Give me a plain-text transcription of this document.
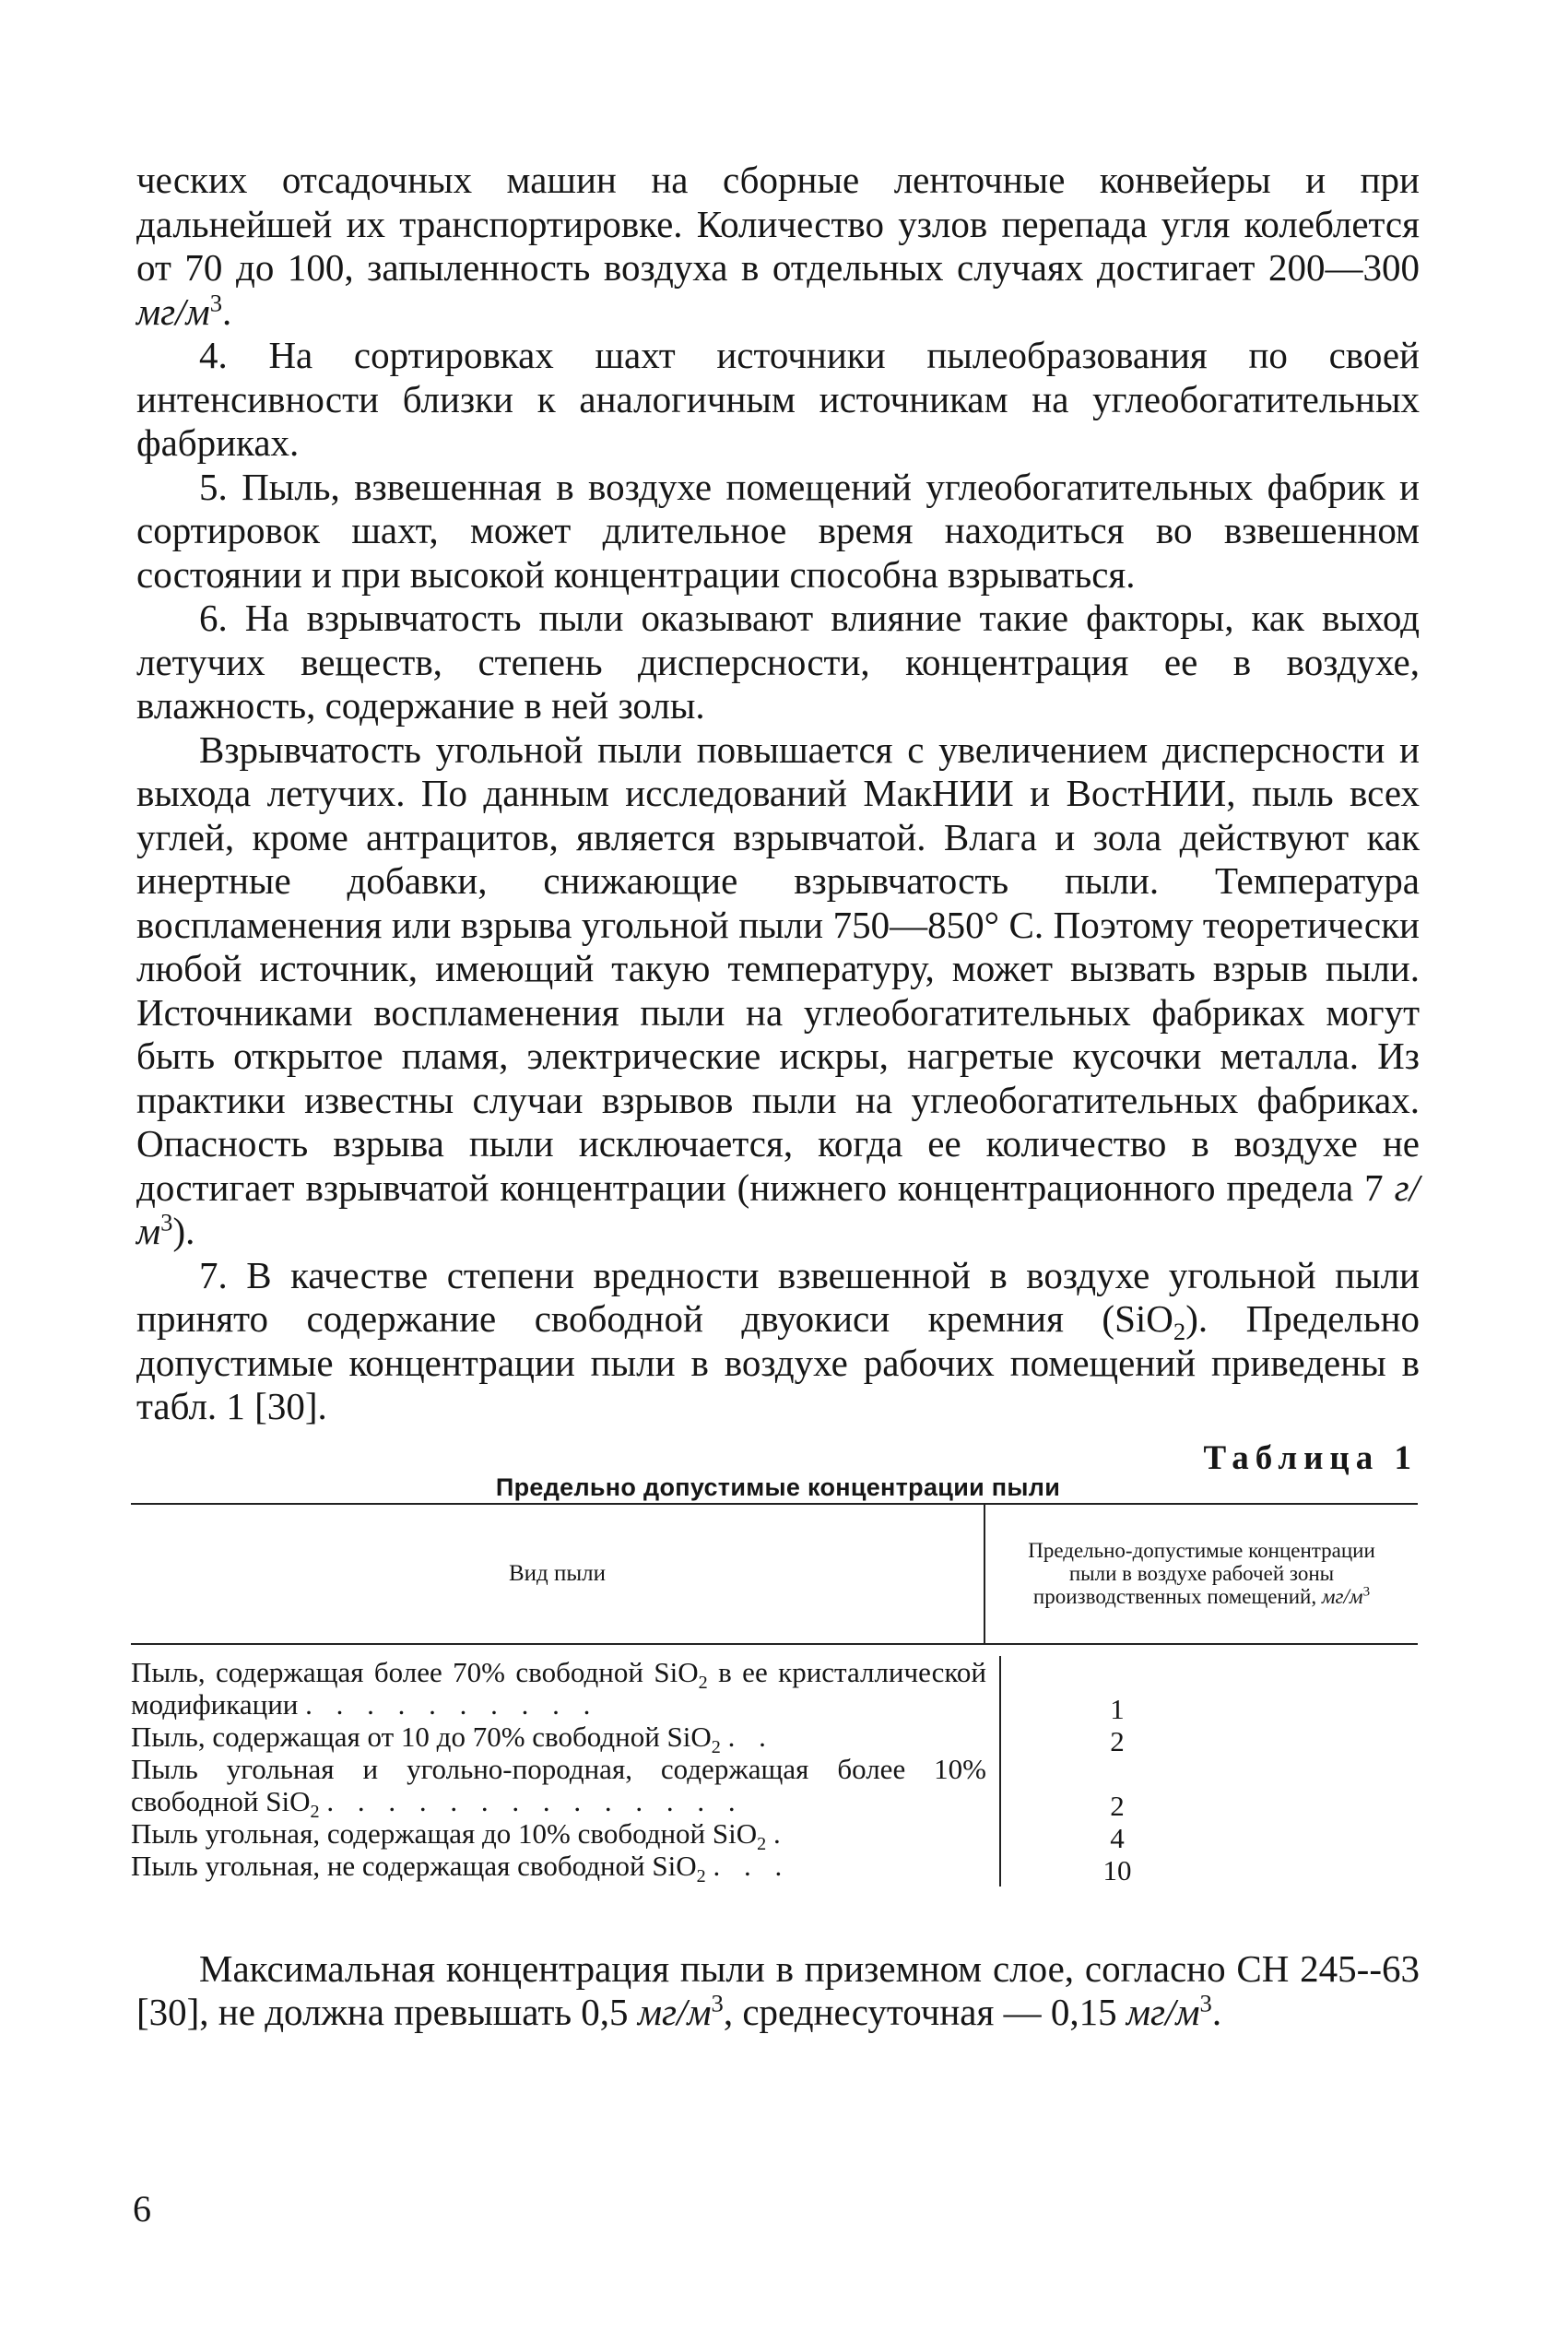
ческих отсадочных машин на сборные ленточные конвейеры и при дальнейшей их транспортировке. Количество узлов перепада угля колеблется от 70 до 100, запыленность воздуха в отдельных случаях достигает 200—300 $мг/м^3$.

4. На сортировках шахт источники пылеобразования по своей интенсивности близки к аналогичным источникам на углеобогатительных фабриках.

5. Пыль, взвешенная в воздухе помещений углеобогатительных фабрик и сортировок шахт, может длительное время находиться во взвешенном состоянии и при высокой концентрации способна взрываться.

6. На взрывчатость пыли оказывают влияние такие факторы, как выход летучих веществ, степень дисперсности, концентрация ее в воздухе, влажность, содержание в ней золы.

Взрывчатость угольной пыли повышается с увеличением дисперсности и выхода летучих. По данным исследований МакНИИ и ВостНИИ, пыль всех углей, кроме антрацитов, является взрывчатой. Влага и зола действуют как инертные добавки, снижающие взрывчатость пыли. Температура воспламенения или взрыва угольной пыли 750—850° С. Поэтому теоретически любой источник, имеющий такую температуру, может вызвать взрыв пыли. Источниками воспламенения пыли на углеобогатительных фабриках могут быть открытое пламя, электрические искры, нагретые кусочки металла. Из практики известны случаи взрывов пыли на углеобогатительных фабриках. Опасность взрыва пыли исключается, когда ее количество в воздухе не достигает взрывчатой концентрации (нижнего концентрационного предела 7 $г/м^3$).

7. В качестве степени вредности взвешенной в воздухе угольной пыли принято содержание свободной двуокиси кремния (SiO$_2$). Предельно допустимые концентрации пыли в воздухе рабочих помещений приведены в табл. 1 [30].

Таблица 1
Предельно допустимые концентрации пыли
Вид пыли
Предельно-допустимые концентрации пыли в воздухе рабочей зоны производственных помещений, $мг/м^3$
Пыль, содержащая более 70% свободной SiO$_2$ в ее кристаллической модификации . . . . . . . . . .
Пыль, содержащая от 10 до 70% свободной SiO$_2$ . .
Пыль угольная и угольно-породная, содержащая более 10% свободной SiO$_2$ . . . . . . . . . . . . . .
Пыль угольная, содержащая до 10% свободной SiO$_2$ .
Пыль угольная, не содержащая свободной SiO$_2$ . . .
1
2
2
4
10

Максимальная концентрация пыли в приземном слое, согласно СН 245--63 [30], не должна превышать 0,5 $мг/м^3$, среднесуточная — 0,15 $мг/м^3$.

6
